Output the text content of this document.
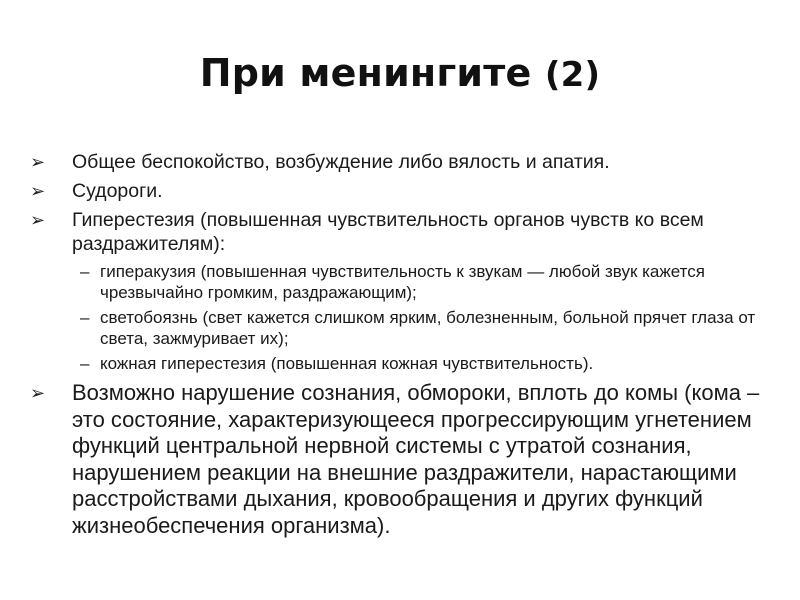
При менингите (2)
➢	Общее беспокойство, возбуждение либо вялость и апатия.
➢	Судороги.
➢	Гиперестезия (повышенная чувствительность органов чувств ко всем раздражителям):
– гиперакузия (повышенная чувствительность к звукам — любой звук кажется чрезвычайно громким, раздражающим);
– светобоязнь (свет кажется слишком ярким, болезненным, больной прячет глаза от света, зажмуривает их);
– кожная гиперестезия (повышенная кожная чувствительность).
➢	Возможно нарушение сознания, обмороки, вплоть до комы (кома – это состояние, характеризующееся прогрессирующим угнетением функций центральной нервной системы с утратой сознания, нарушением реакции на внешние раздражители, нарастающими расстройствами дыхания, кровообращения и других функций жизнеобеспечения организма).
